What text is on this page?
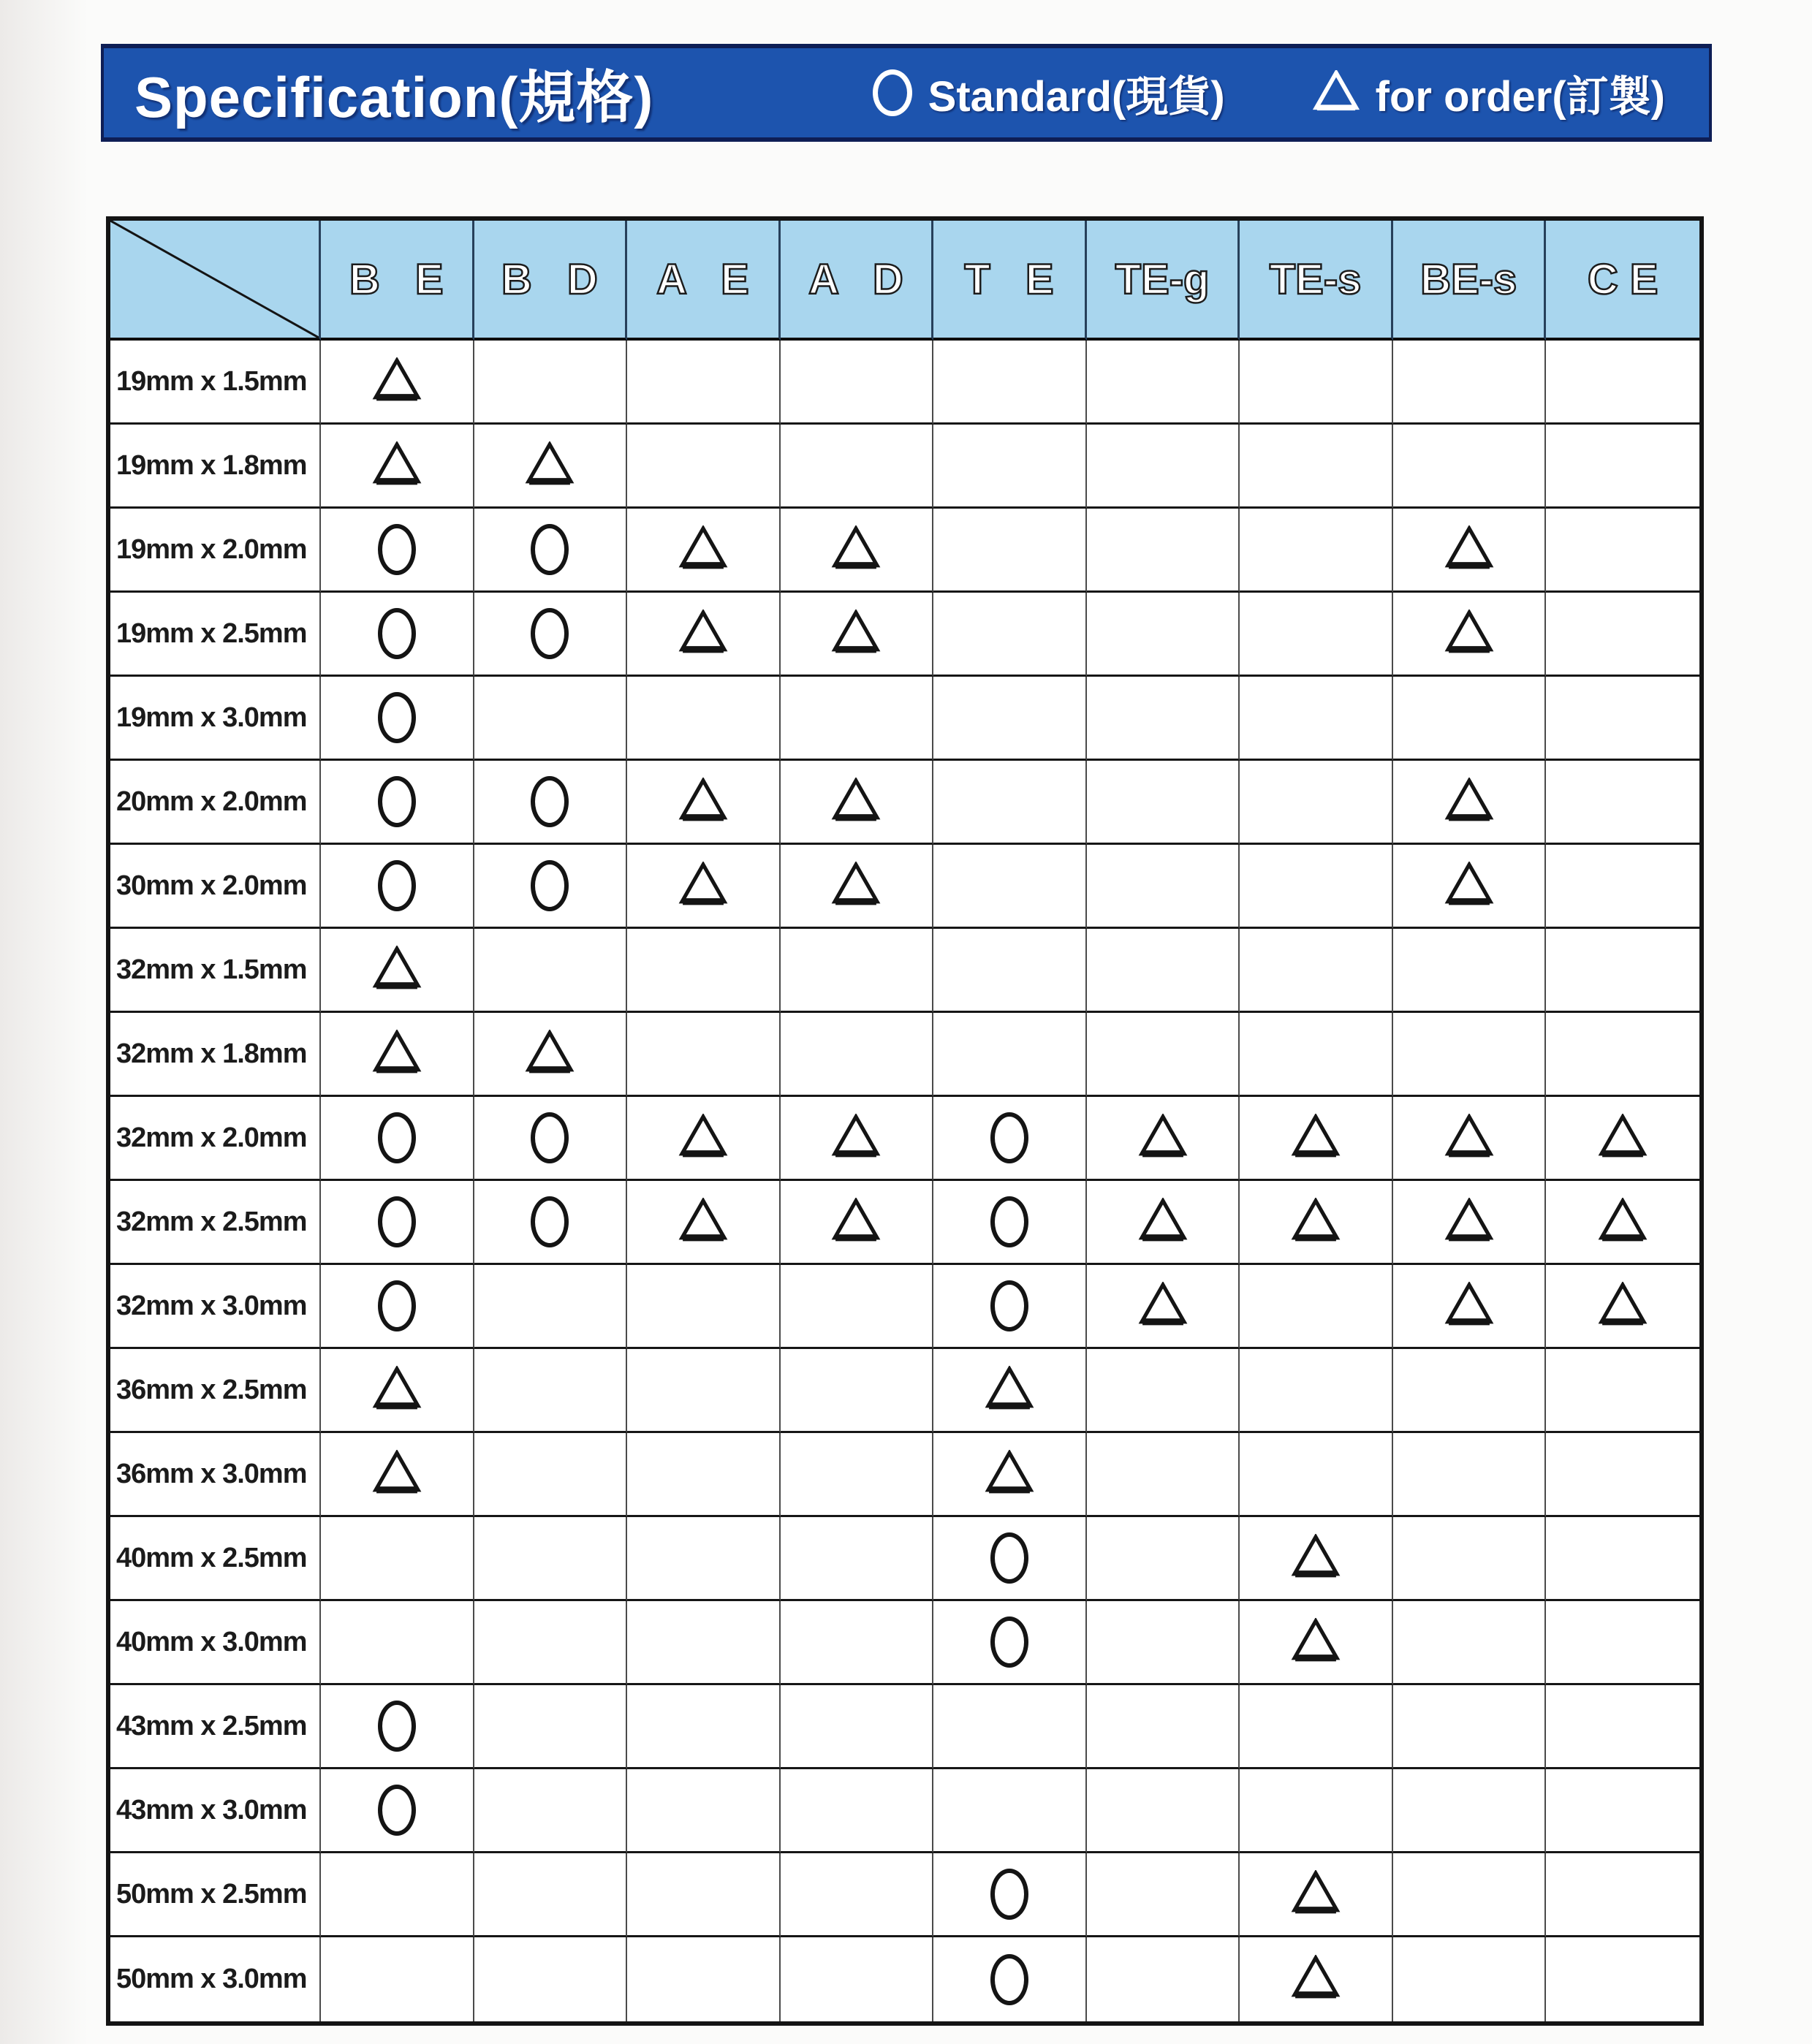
Specification(規格)	Standard(現貨)	for order(訂製)
B E B D A E A D T E TE-g TE-s BE-s CE
19mm x 1.5mm
19mm x 1.8mm
19mm x 2.0mm
19mm x 2.5mm
19mm x 3.0mm
20mm x 2.0mm
30mm x 2.0mm
32mm x 1.5mm
32mm x 1.8mm
32mm x 2.0mm
32mm x 2.5mm
32mm x 3.0mm
36mm x 2.5mm
36mm x 3.0mm
40mm x 2.5mm
40mm x 3.0mm
43mm x 2.5mm
43mm x 3.0mm
50mm x 2.5mm
50mm x 3.0mm
